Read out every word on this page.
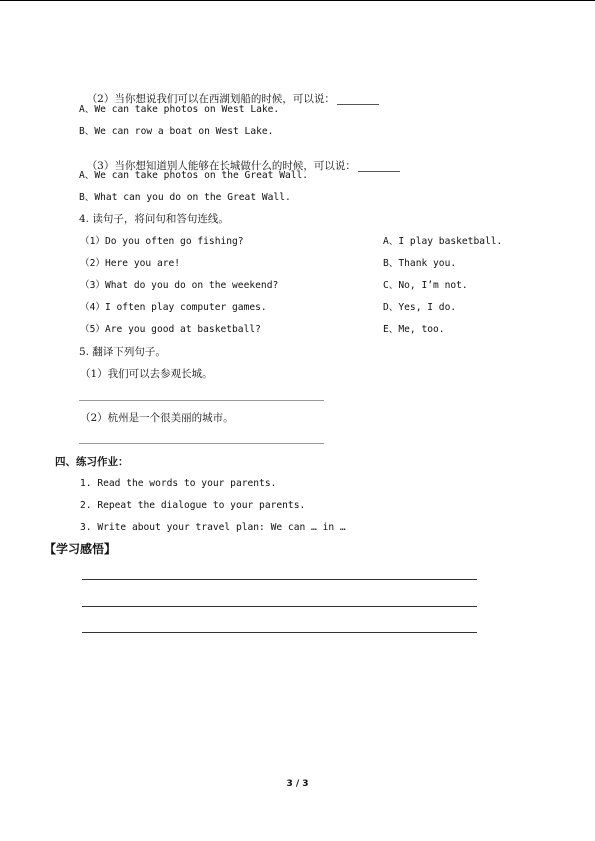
（2）当你想说我们可以在西湖划船的时候，可以说：

A、We can take photos on West Lake.
B、We can row a boat on West Lake.

（3）当你想知道别人能够在长城做什么的时候，可以说：

A、We can take photos on the Great Wall.
B、What can you do on the Great Wall.
4. 读句子，将问句和答句连线。
（1）Do you often go fishing?
（2）Here you are!
（3）What do you do on the weekend?
（4）I often play computer games.
（5）Are you good at basketball?
A、I play basketball.
B、Thank you.
C、No, I’m not.
D、Yes, I do.
E、Me, too.
5. 翻译下列句子。
（1）我们可以去参观长城。
（2）杭州是一个很美丽的城市。
四、练习作业：
1. Read the words to your parents.
2. Repeat the dialogue to your parents.
3. Write about your travel plan: We can … in …
【学习感悟】
3 / 3
